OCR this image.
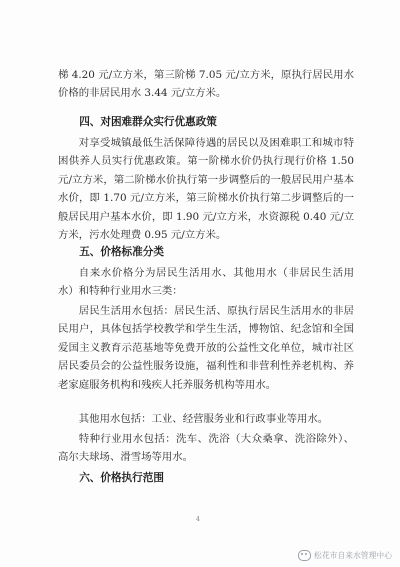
梯 4.20 元/立方米，第三阶梯 7.05 元/立方米，原执行居民用水价格的非居民用水 3.44 元/立方米。

四、对困难群众实行优惠政策

对享受城镇最低生活保障待遇的居民以及困难职工和城市特困供养人员实行优惠政策。第一阶梯水价仍执行现行价格 1.50 元/立方米，第二阶梯水价执行第一步调整后的一般居民用户基本水价，即 1.70 元/立方米，第三阶梯水价执行第二步调整后的一般居民用户基本水价，即 1.90 元/立方米，水资源税 0.40 元/立方米，污水处理费 0.95 元/立方米。

五、价格标准分类

自来水价格分为居民生活用水、其他用水（非居民生活用水）和特种行业用水三类：

居民生活用水包括：居民生活、原执行居民生活用水的非居民用户，具体包括学校教学和学生生活，博物馆、纪念馆和全国爱国主义教育示范基地等免费开放的公益性文化单位，城市社区居民委员会的公益性服务设施，福利性和非营利性养老机构、养老家庭服务机构和残疾人托养服务机构等用水。

其他用水包括：工业、经营服务业和行政事业等用水。

特种行业用水包括：洗车、洗浴（大众桑拿、洗浴除外）、高尔夫球场、滑雪场等用水。

六、价格执行范围
4
松花市自来水管理中心
